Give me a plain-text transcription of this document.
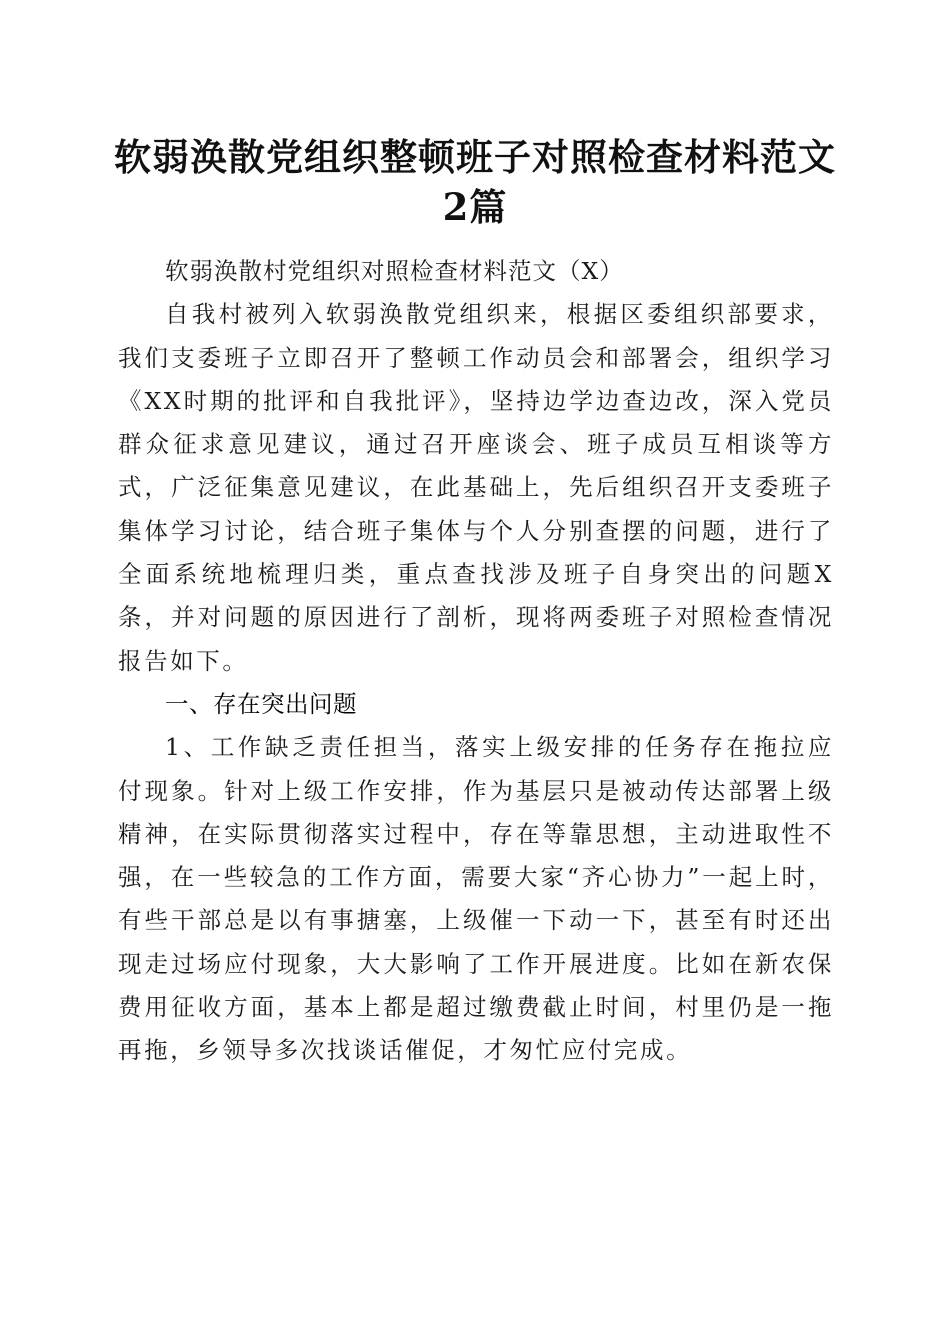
软弱涣散党组织整顿班子对照检查材料范文2篇

软弱涣散村党组织对照检查材料范文（X）

自我村被列入软弱涣散党组织来，根据区委组织部要求，我们支委班子立即召开了整顿工作动员会和部署会，组织学习《XX时期的批评和自我批评》，坚持边学边查边改，深入党员群众征求意见建议，通过召开座谈会、班子成员互相谈等方式，广泛征集意见建议，在此基础上，先后组织召开支委班子集体学习讨论，结合班子集体与个人分别查摆的问题，进行了全面系统地梳理归类，重点查找涉及班子自身突出的问题X条，并对问题的原因进行了剖析，现将两委班子对照检查情况报告如下。

一、存在突出问题

1、工作缺乏责任担当，落实上级安排的任务存在拖拉应付现象。针对上级工作安排，作为基层只是被动传达部署上级精神，在实际贯彻落实过程中，存在等靠思想，主动进取性不强，在一些较急的工作方面，需要大家“齐心协力”一起上时，有些干部总是以有事搪塞，上级催一下动一下，甚至有时还出现走过场应付现象，大大影响了工作开展进度。比如在新农保费用征收方面，基本上都是超过缴费截止时间，村里仍是一拖再拖，乡领导多次找谈话催促，才匆忙应付完成。
